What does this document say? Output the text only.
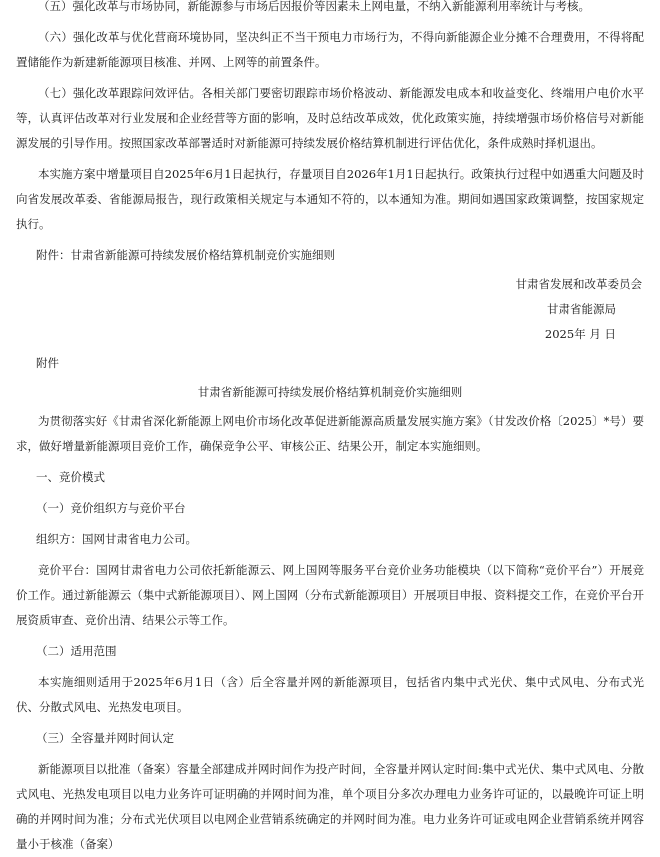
（五）强化改革与市场协同，新能源参与市场后因报价等因素未上网电量，不纳入新能源利用率统计与考核。

（六）强化改革与优化营商环境协同，坚决纠正不当干预电力市场行为，不得向新能源企业分摊不合理费用，不得将配置储能作为新建新能源项目核准、并网、上网等的前置条件。

（七）强化改革跟踪问效评估。各相关部门要密切跟踪市场价格波动、新能源发电成本和收益变化、终端用户电价水平等，认真评估改革对行业发展和企业经营等方面的影响，及时总结改革成效，优化政策实施，持续增强市场价格信号对新能源发展的引导作用。按照国家改革部署适时对新能源可持续发展价格结算机制进行评估优化，条件成熟时择机退出。

本实施方案中增量项目自2025年6月1日起执行，存量项目自2026年1月1日起执行。政策执行过程中如遇重大问题及时向省发展改革委、省能源局报告，现行政策相关规定与本通知不符的，以本通知为准。期间如遇国家政策调整，按国家规定执行。

附件：甘肃省新能源可持续发展价格结算机制竞价实施细则

甘肃省发展和改革委员会
甘肃省能源局
2025年 月 日

附件

甘肃省新能源可持续发展价格结算机制竞价实施细则

为贯彻落实好《甘肃省深化新能源上网电价市场化改革促进新能源高质量发展实施方案》（甘发改价格〔2025〕*号）要求，做好增量新能源项目竞价工作，确保竞争公平、审核公正、结果公开，制定本实施细则。

一、竞价模式

（一）竞价组织方与竞价平台

组织方：国网甘肃省电力公司。

竞价平台：国网甘肃省电力公司依托新能源云、网上国网等服务平台竞价业务功能模块（以下简称“竞价平台”）开展竞价工作。通过新能源云（集中式新能源项目）、网上国网（分布式新能源项目）开展项目申报、资料提交工作，在竞价平台开展资质审查、竞价出清、结果公示等工作。

（二）适用范围

本实施细则适用于2025年6月1日（含）后全容量并网的新能源项目，包括省内集中式光伏、集中式风电、分布式光伏、分散式风电、光热发电项目。

（三）全容量并网时间认定

新能源项目以批准（备案）容量全部建成并网时间作为投产时间，全容量并网认定时间:集中式光伏、集中式风电、分散式风电、光热发电项目以电力业务许可证明确的并网时间为准，单个项目分多次办理电力业务许可证的，以最晚许可证上明确的并网时间为准；分布式光伏项目以电网企业营销系统确定的并网时间为准。电力业务许可证或电网企业营销系统并网容量小于核准（备案）
